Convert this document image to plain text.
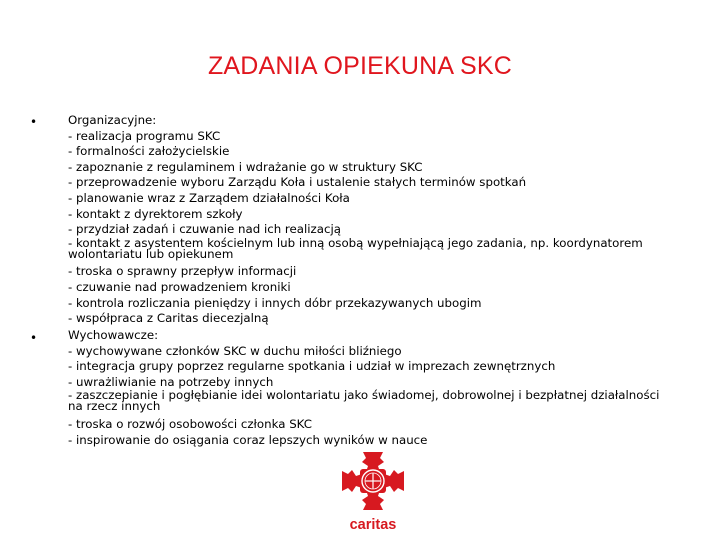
ZADANIA OPIEKUNA SKC
•	Organizacyjne:
- realizacja programu SKC
- formalności założycielskie
- zapoznanie z regulaminem i wdrażanie go w struktury SKC
- przeprowadzenie wyboru Zarządu Koła i ustalenie stałych terminów spotkań
- planowanie wraz z Zarządem działalności Koła
- kontakt z dyrektorem szkoły
- przydział zadań i czuwanie nad ich realizacją
- kontakt z asystentem kościelnym lub inną osobą wypełniającą jego zadania, np. koordynatorem wolontariatu lub opiekunem
- troska o sprawny przepływ informacji
- czuwanie nad prowadzeniem kroniki
- kontrola rozliczania pieniędzy i innych dóbr przekazywanych ubogim
- współpraca z Caritas diecezjalną
•	Wychowawcze:
- wychowywane członków SKC w duchu miłości bliźniego
- integracja grupy poprzez regularne spotkania i udział w imprezach zewnętrznych
- uwrażliwianie na potrzeby innych
- zaszczepianie i pogłębianie idei wolontariatu jako świadomej, dobrowolnej i bezpłatnej działalności na rzecz innych
- troska o rozwój osobowości członka SKC
- inspirowanie do osiągania coraz lepszych wyników w nauce
caritas
